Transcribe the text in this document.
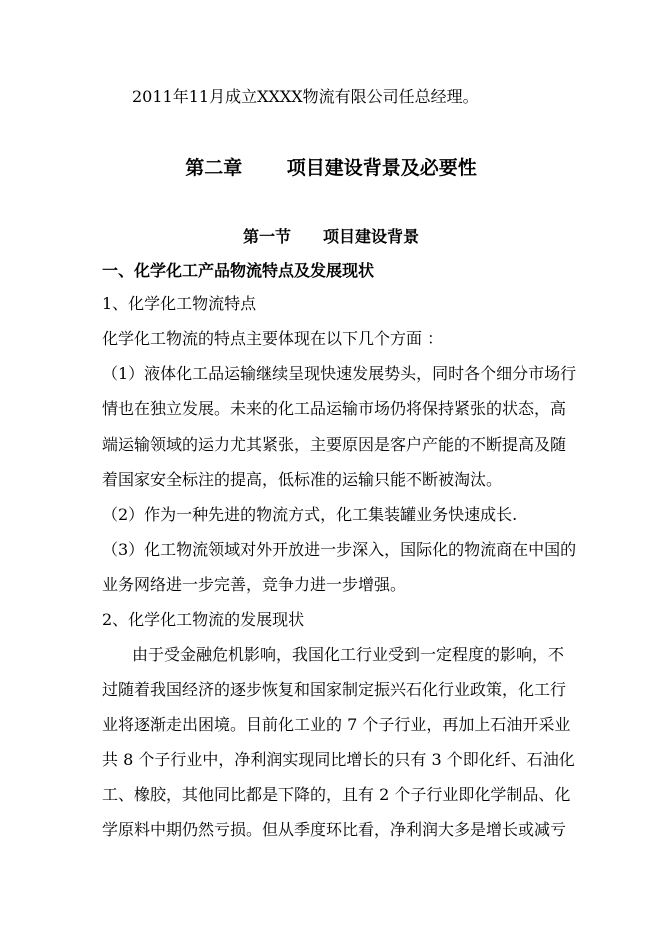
2011年11月成立XXXX物流有限公司任总经理。
第二章　　 项目建设背景及必要性
第一节　　项目建设背景
一、化学化工产品物流特点及发展现状
1、化学化工物流特点
化学化工物流的特点主要体现在以下几个方面 ：
（1）液体化工品运输继续呈现快速发展势头，同时各个细分市场行
情也在独立发展。未来的化工品运输市场仍将保持紧张的状态，高
端运输领域的运力尤其紧张，主要原因是客户产能的不断提高及随
着国家安全标注的提高，低标准的运输只能不断被淘汰。
（2）作为一种先进的物流方式，化工集装罐业务快速成长.
（3）化工物流领域对外开放进一步深入，国际化的物流商在中国的
业务网络进一步完善，竞争力进一步增强。
2、化学化工物流的发展现状
由于受金融危机影响，我国化工行业受到一定程度的影响，不
过随着我国经济的逐步恢复和国家制定振兴石化行业政策，化工行
业将逐渐走出困境。目前化工业的 7 个子行业，再加上石油开采业
共 8 个子行业中，净利润实现同比增长的只有 3 个即化纤、石油化
工、橡胶，其他同比都是下降的，且有 2 个子行业即化学制品、化
学原料中期仍然亏损。但从季度环比看，净利润大多是增长或减亏
